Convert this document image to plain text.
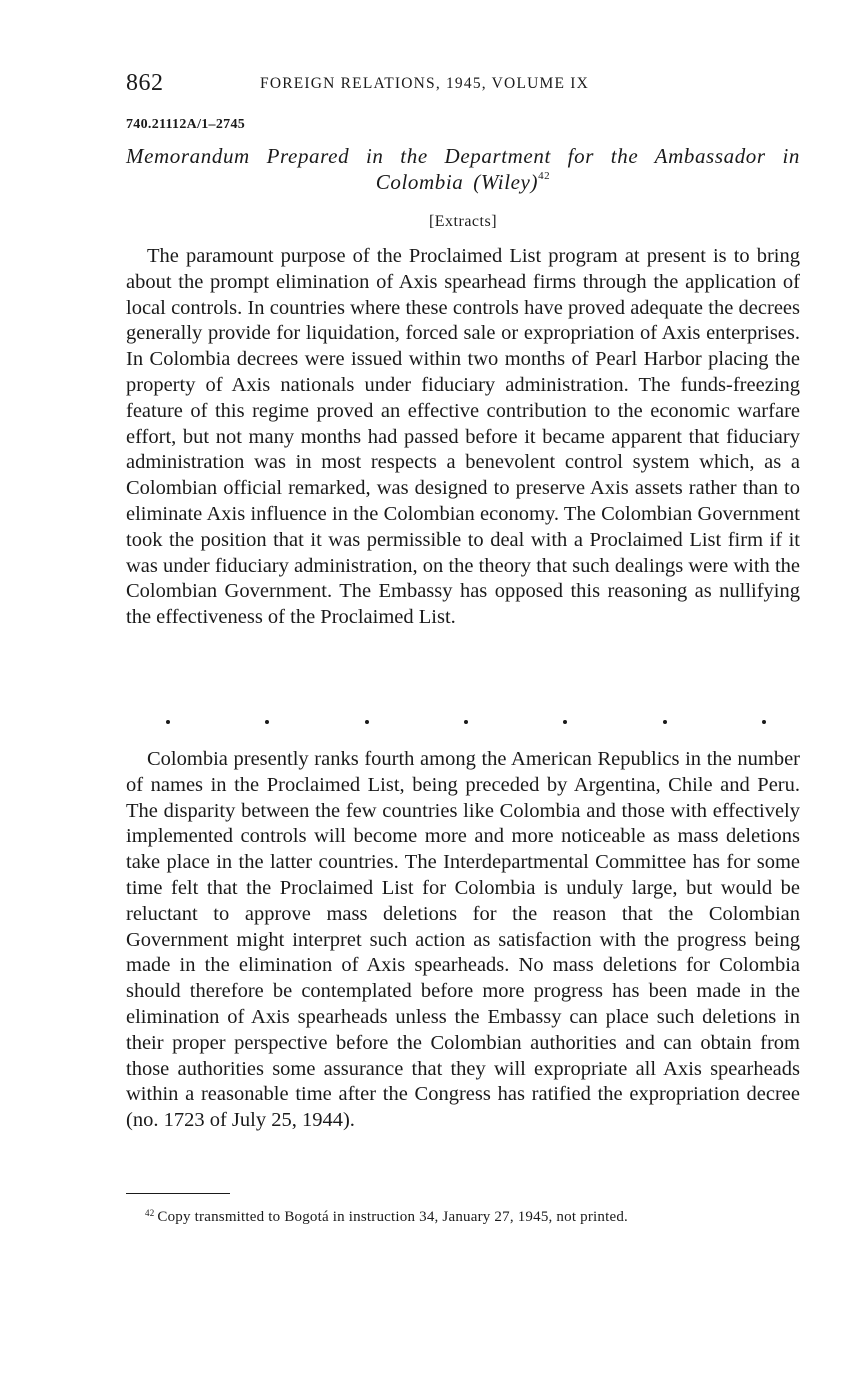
862	FOREIGN RELATIONS, 1945, VOLUME IX
740.21112A/1–2745
Memorandum Prepared in the Department for the Ambassador in Colombia (Wiley)$^{42}$
[Extracts]

The paramount purpose of the Proclaimed List program at present is to bring about the prompt elimination of Axis spearhead firms through the application of local controls. In countries where these controls have proved adequate the decrees generally provide for liquidation, forced sale or expropriation of Axis enterprises. In Colombia decrees were issued within two months of Pearl Harbor placing the property of Axis nationals under fiduciary administration. The funds-freezing feature of this regime proved an effective contribution to the economic warfare effort, but not many months had passed before it became apparent that fiduciary administration was in most respects a benevolent control system which, as a Colombian official remarked, was designed to preserve Axis assets rather than to eliminate Axis influence in the Colombian economy. The Colombian Government took the position that it was permissible to deal with a Proclaimed List firm if it was under fiduciary administration, on the theory that such dealings were with the Colombian Government. The Embassy has opposed this reasoning as nullifying the effectiveness of the Proclaimed List.

Colombia presently ranks fourth among the American Republics in the number of names in the Proclaimed List, being preceded by Argentina, Chile and Peru. The disparity between the few countries like Colombia and those with effectively implemented controls will become more and more noticeable as mass deletions take place in the latter countries. The Interdepartmental Committee has for some time felt that the Proclaimed List for Colombia is unduly large, but would be reluctant to approve mass deletions for the reason that the Colombian Government might interpret such action as satisfaction with the progress being made in the elimination of Axis spearheads. No mass deletions for Colombia should therefore be contemplated before more progress has been made in the elimination of Axis spearheads unless the Embassy can place such deletions in their proper perspective before the Colombian authorities and can obtain from those authorities some assurance that they will expropriate all Axis spearheads within a reasonable time after the Congress has ratified the expropriation decree (no. 1723 of July 25, 1944).

$^{42}$ Copy transmitted to Bogotá in instruction 34, January 27, 1945, not printed.
